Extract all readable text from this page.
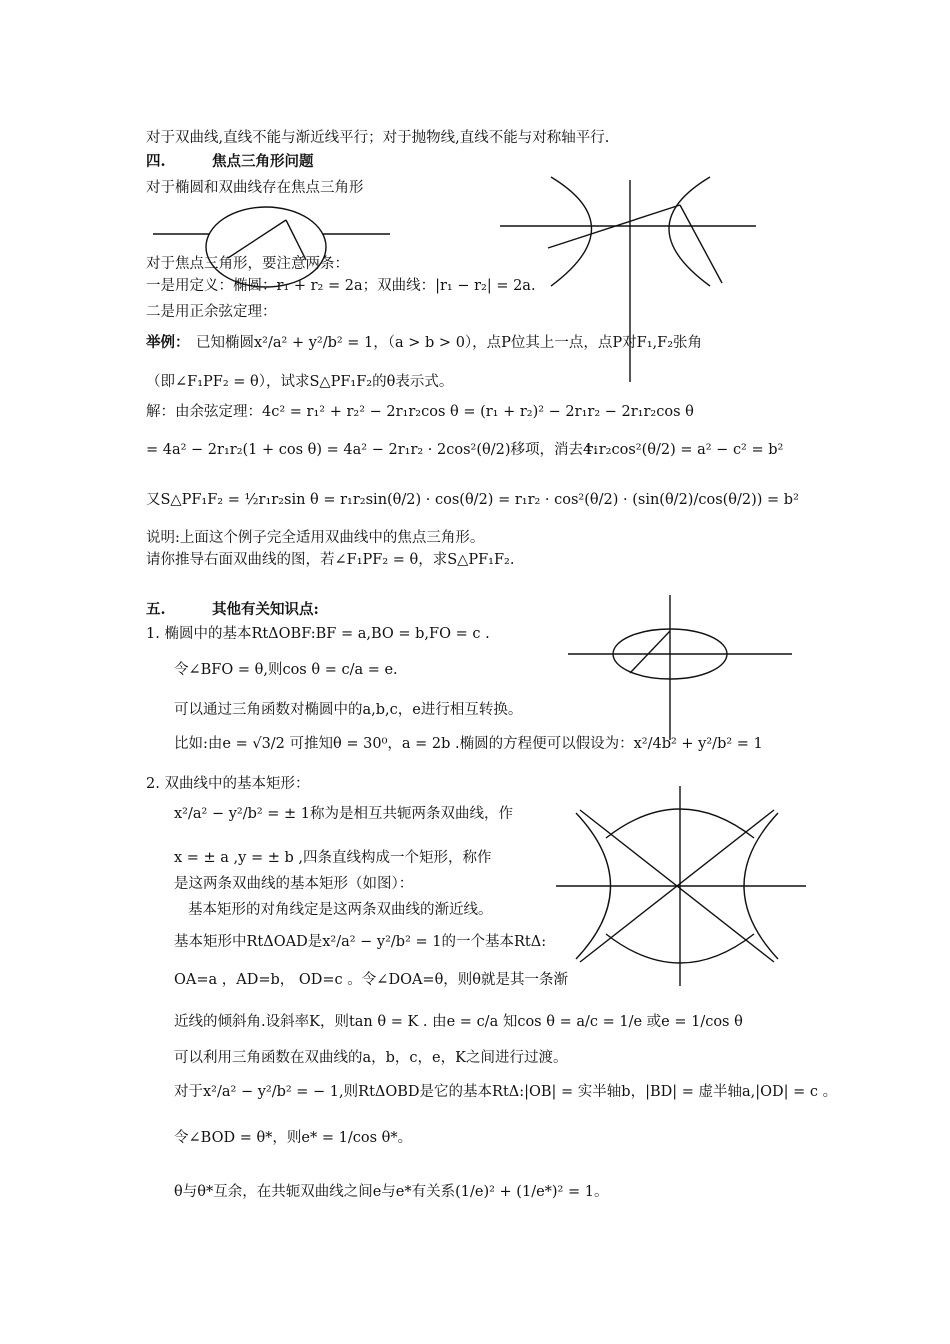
对于双曲线,直线不能与渐近线平行；对于抛物线,直线不能与对称轴平行.
四.	焦点三角形问题
对于椭圆和双曲线存在焦点三角形
对于焦点三角形，要注意两条：
一是用定义：椭圆：r₁ + r₂ = 2a；双曲线：|r₁ − r₂| = 2a.
二是用正余弦定理：
举例： 已知椭圆x²/a² + y²/b² = 1，（a > b > 0），点P位其上一点，点P对F₁,F₂张角
（即∠F₁PF₂ = θ），试求S△PF₁F₂的θ表示式。
解：由余弦定理：4c² = r₁² + r₂² − 2r₁r₂cos θ = (r₁ + r₂)² − 2r₁r₂ − 2r₁r₂cos θ
= 4a² − 2r₁r₂(1 + cos θ) = 4a² − 2r₁r₂ · 2cos²(θ/2)移项，消去4：
r₁r₂cos²(θ/2) = a² − c² = b²
又S△PF₁F₂ = ½r₁r₂sin θ = r₁r₂sin(θ/2) · cos(θ/2) = r₁r₂ · cos²(θ/2) · (sin(θ/2)/cos(θ/2)) = b²
说明:上面这个例子完全适用双曲线中的焦点三角形。
请你推导右面双曲线的图，若∠F₁PF₂ = θ，求S△PF₁F₂.
五.	其他有关知识点:
1. 椭圆中的基本RtΔOBF:BF = a,BO = b,FO = c .
令∠BFO = θ,则cos θ = c/a = e.
可以通过三角函数对椭圆中的a,b,c，e进行相互转换。
比如:由e = √3/2 可推知θ = 30⁰，a = 2b .椭圆的方程便可以假设为：x²/4b² + y²/b² = 1
2. 双曲线中的基本矩形：
x²/a² − y²/b² = ± 1称为是相互共轭两条双曲线，作
x = ± a ,y = ± b ,四条直线构成一个矩形，称作
是这两条双曲线的基本矩形（如图）：
基本矩形的对角线定是这两条双曲线的渐近线。
基本矩形中RtΔOAD是x²/a² − y²/b² = 1的一个基本RtΔ:
OA=a ，AD=b， OD=c 。令∠DOA=θ，则θ就是其一条渐
近线的倾斜角.设斜率K，则tan θ = K . 由e = c/a 知cos θ = a/c = 1/e 或e = 1/cos θ
可以利用三角函数在双曲线的a，b，c，e，K之间进行过渡。
对于x²/a² − y²/b² = − 1,则RtΔOBD是它的基本RtΔ:|OB| = 实半轴b，|BD| = 虚半轴a,|OD| = c 。
令∠BOD = θ*，则e* = 1/cos θ*。
θ与θ*互余，在共轭双曲线之间e与e*有关系(1/e)² + (1/e*)² = 1。
